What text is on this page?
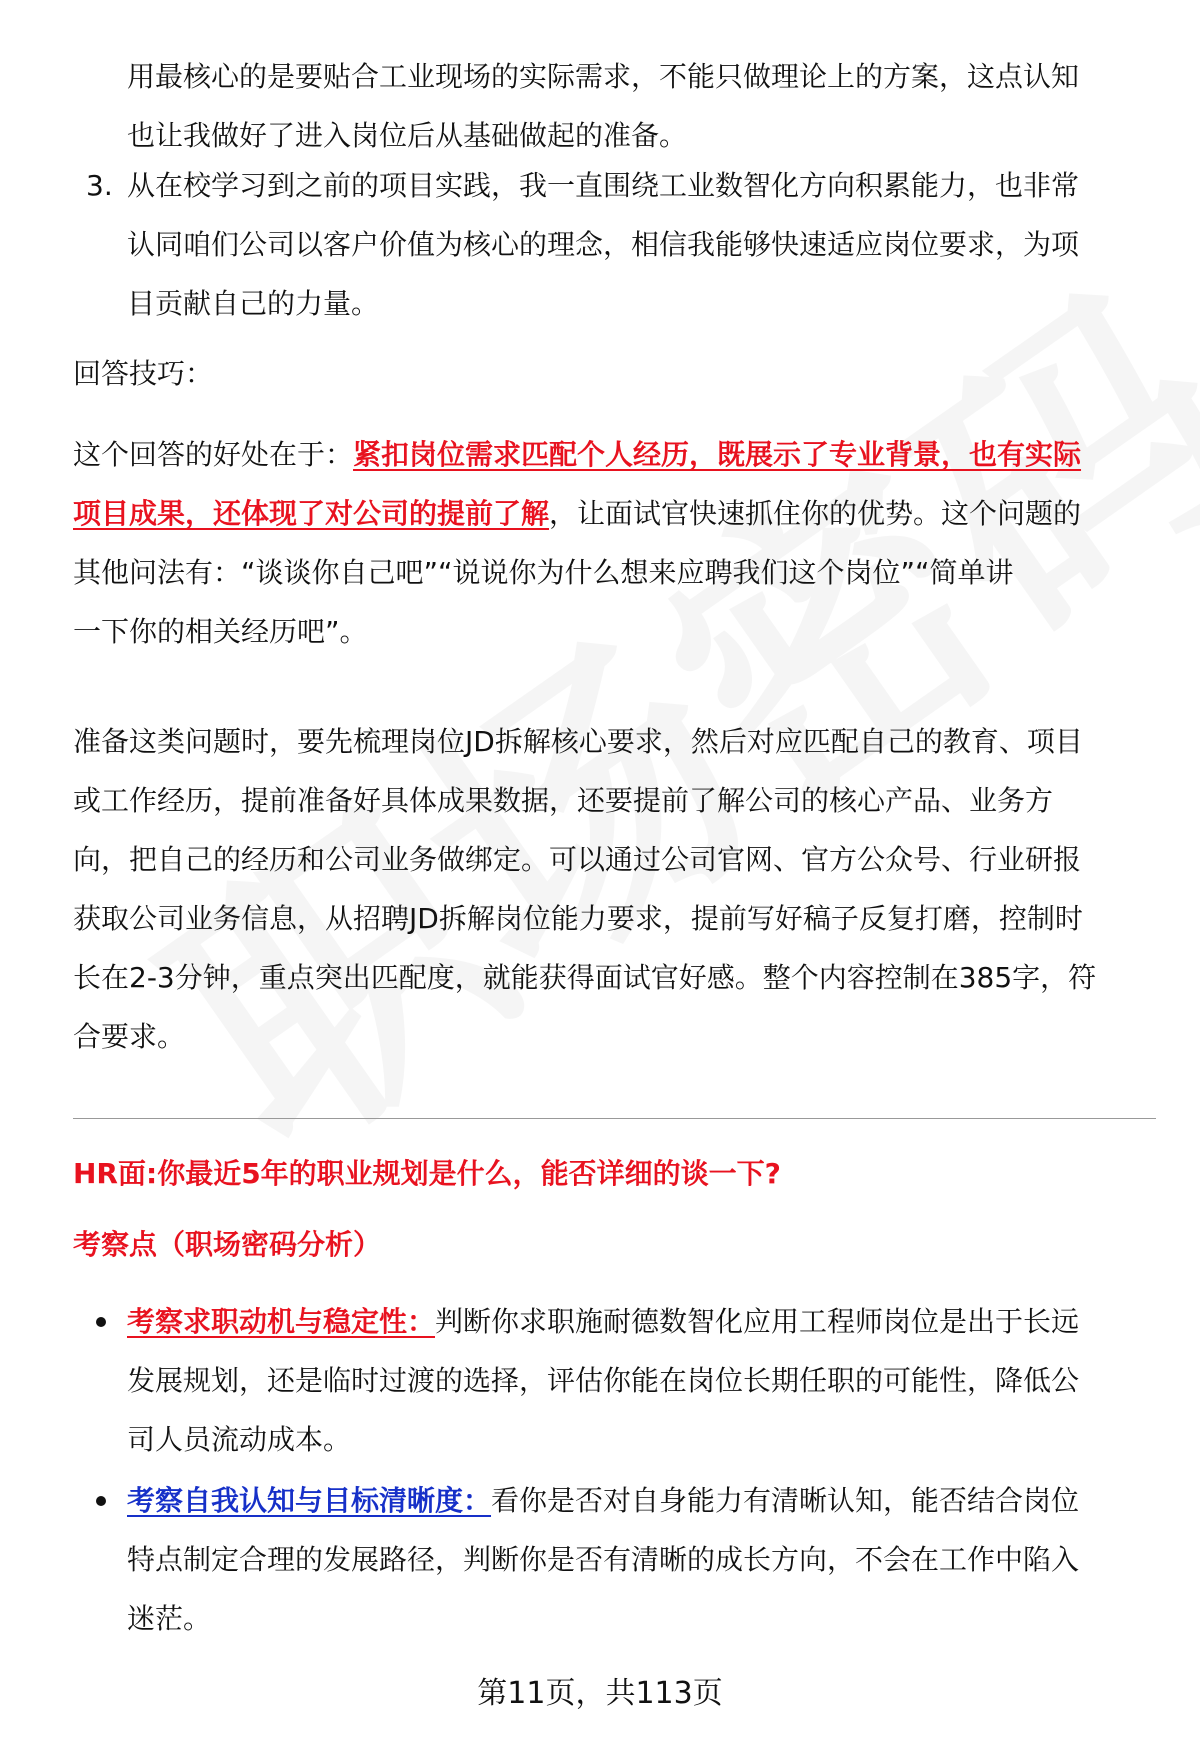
用最核心的是要贴合工业现场的实际需求，不能只做理论上的方案，这点认知
也让我做好了进入岗位后从基础做起的准备。
3. 从在校学习到之前的项目实践，我一直围绕工业数智化方向积累能力，也非常
认同咱们公司以客户价值为核心的理念，相信我能够快速适应岗位要求，为项
目贡献自己的力量。
回答技巧：
这个回答的好处在于：紧扣岗位需求匹配个人经历，既展示了专业背景，也有实际
项目成果，还体现了对公司的提前了解，让面试官快速抓住你的优势。这个问题的
其他问法有：“谈谈你自己吧”“说说你为什么想来应聘我们这个岗位”“简单讲
一下你的相关经历吧”。
准备这类问题时，要先梳理岗位JD拆解核心要求，然后对应匹配自己的教育、项目
或工作经历，提前准备好具体成果数据，还要提前了解公司的核心产品、业务方
向，把自己的经历和公司业务做绑定。可以通过公司官网、官方公众号、行业研报
获取公司业务信息，从招聘JD拆解岗位能力要求，提前写好稿子反复打磨，控制时
长在2-3分钟，重点突出匹配度，就能获得面试官好感。整个内容控制在385字，符
合要求。
HR面:你最近5年的职业规划是什么，能否详细的谈一下?
考察点（职场密码分析）
考察求职动机与稳定性：判断你求职施耐德数智化应用工程师岗位是出于长远
发展规划，还是临时过渡的选择，评估你能在岗位长期任职的可能性，降低公
司人员流动成本。
考察自我认知与目标清晰度：看你是否对自身能力有清晰认知，能否结合岗位
特点制定合理的发展路径，判断你是否有清晰的成长方向，不会在工作中陷入
迷茫。
第11页，共113页
